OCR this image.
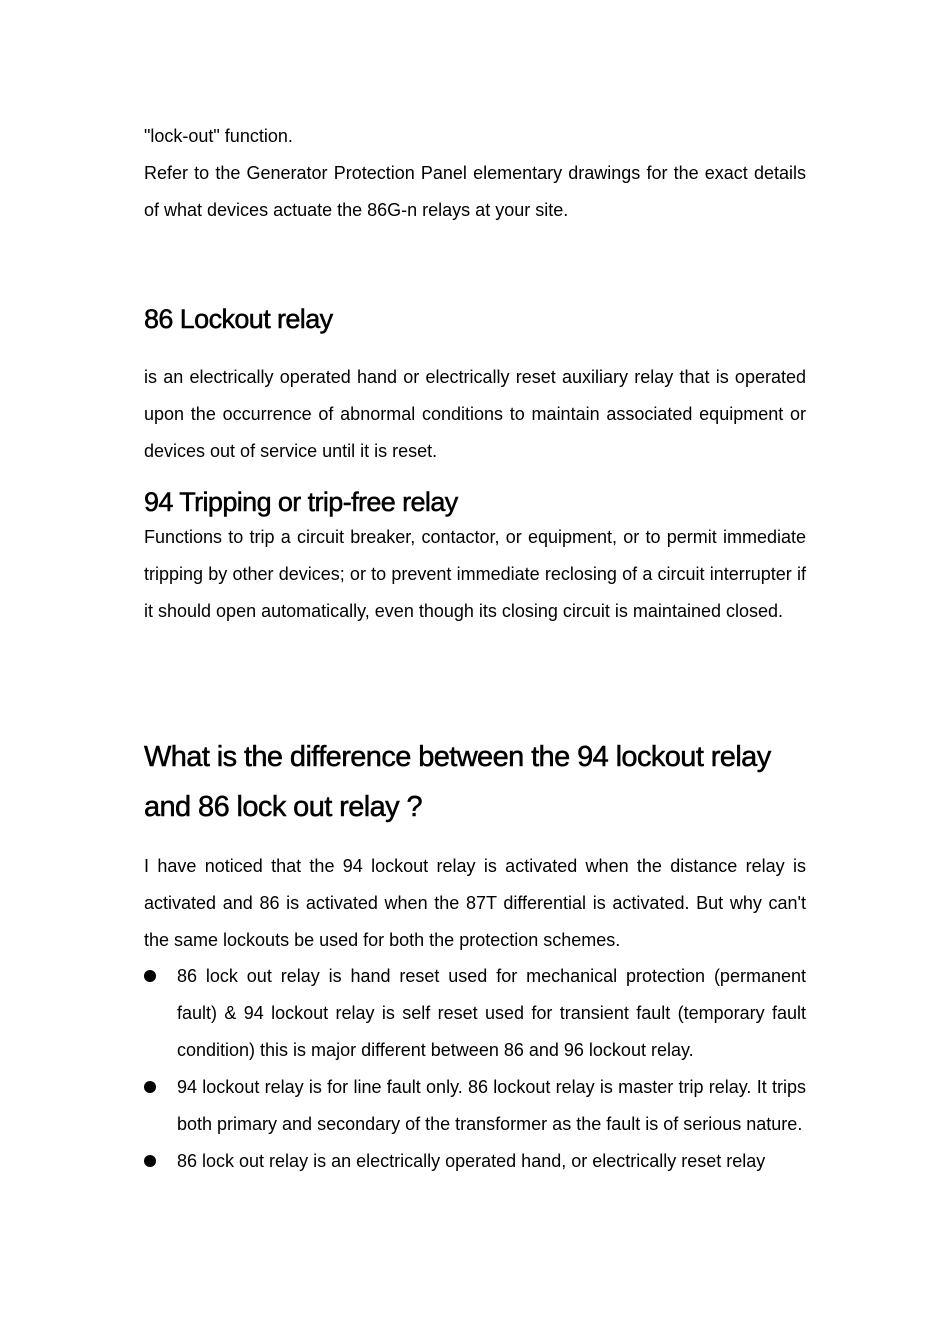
"lock-out" function.

Refer to the Generator Protection Panel elementary drawings for the exact details of what devices actuate the 86G-n relays at your site.

86 Lockout relay

is an electrically operated hand or electrically reset auxiliary relay that is operated upon the occurrence of abnormal conditions to maintain associated equipment or devices out of service until it is reset.

94 Tripping or trip-free relay

Functions to trip a circuit breaker, contactor, or equipment, or to permit immediate tripping by other devices; or to prevent immediate reclosing of a circuit interrupter if it should open automatically, even though its closing circuit is maintained closed.

What is the difference between the 94 lockout relay
and 86 lock out relay ?

I have noticed that the 94 lockout relay is activated when the distance relay is activated and 86 is activated when the 87T differential is activated. But why can't the same lockouts be used for both the protection schemes.

86 lock out relay is hand reset used for mechanical protection (permanent fault) & 94 lockout relay is self reset used for transient fault (temporary fault condition) this is major different between 86 and 96 lockout relay.
94 lockout relay is for line fault only. 86 lockout relay is master trip relay. It trips both primary and secondary of the transformer as the fault is of serious nature.
86 lock out relay is an electrically operated hand, or electrically reset relay
